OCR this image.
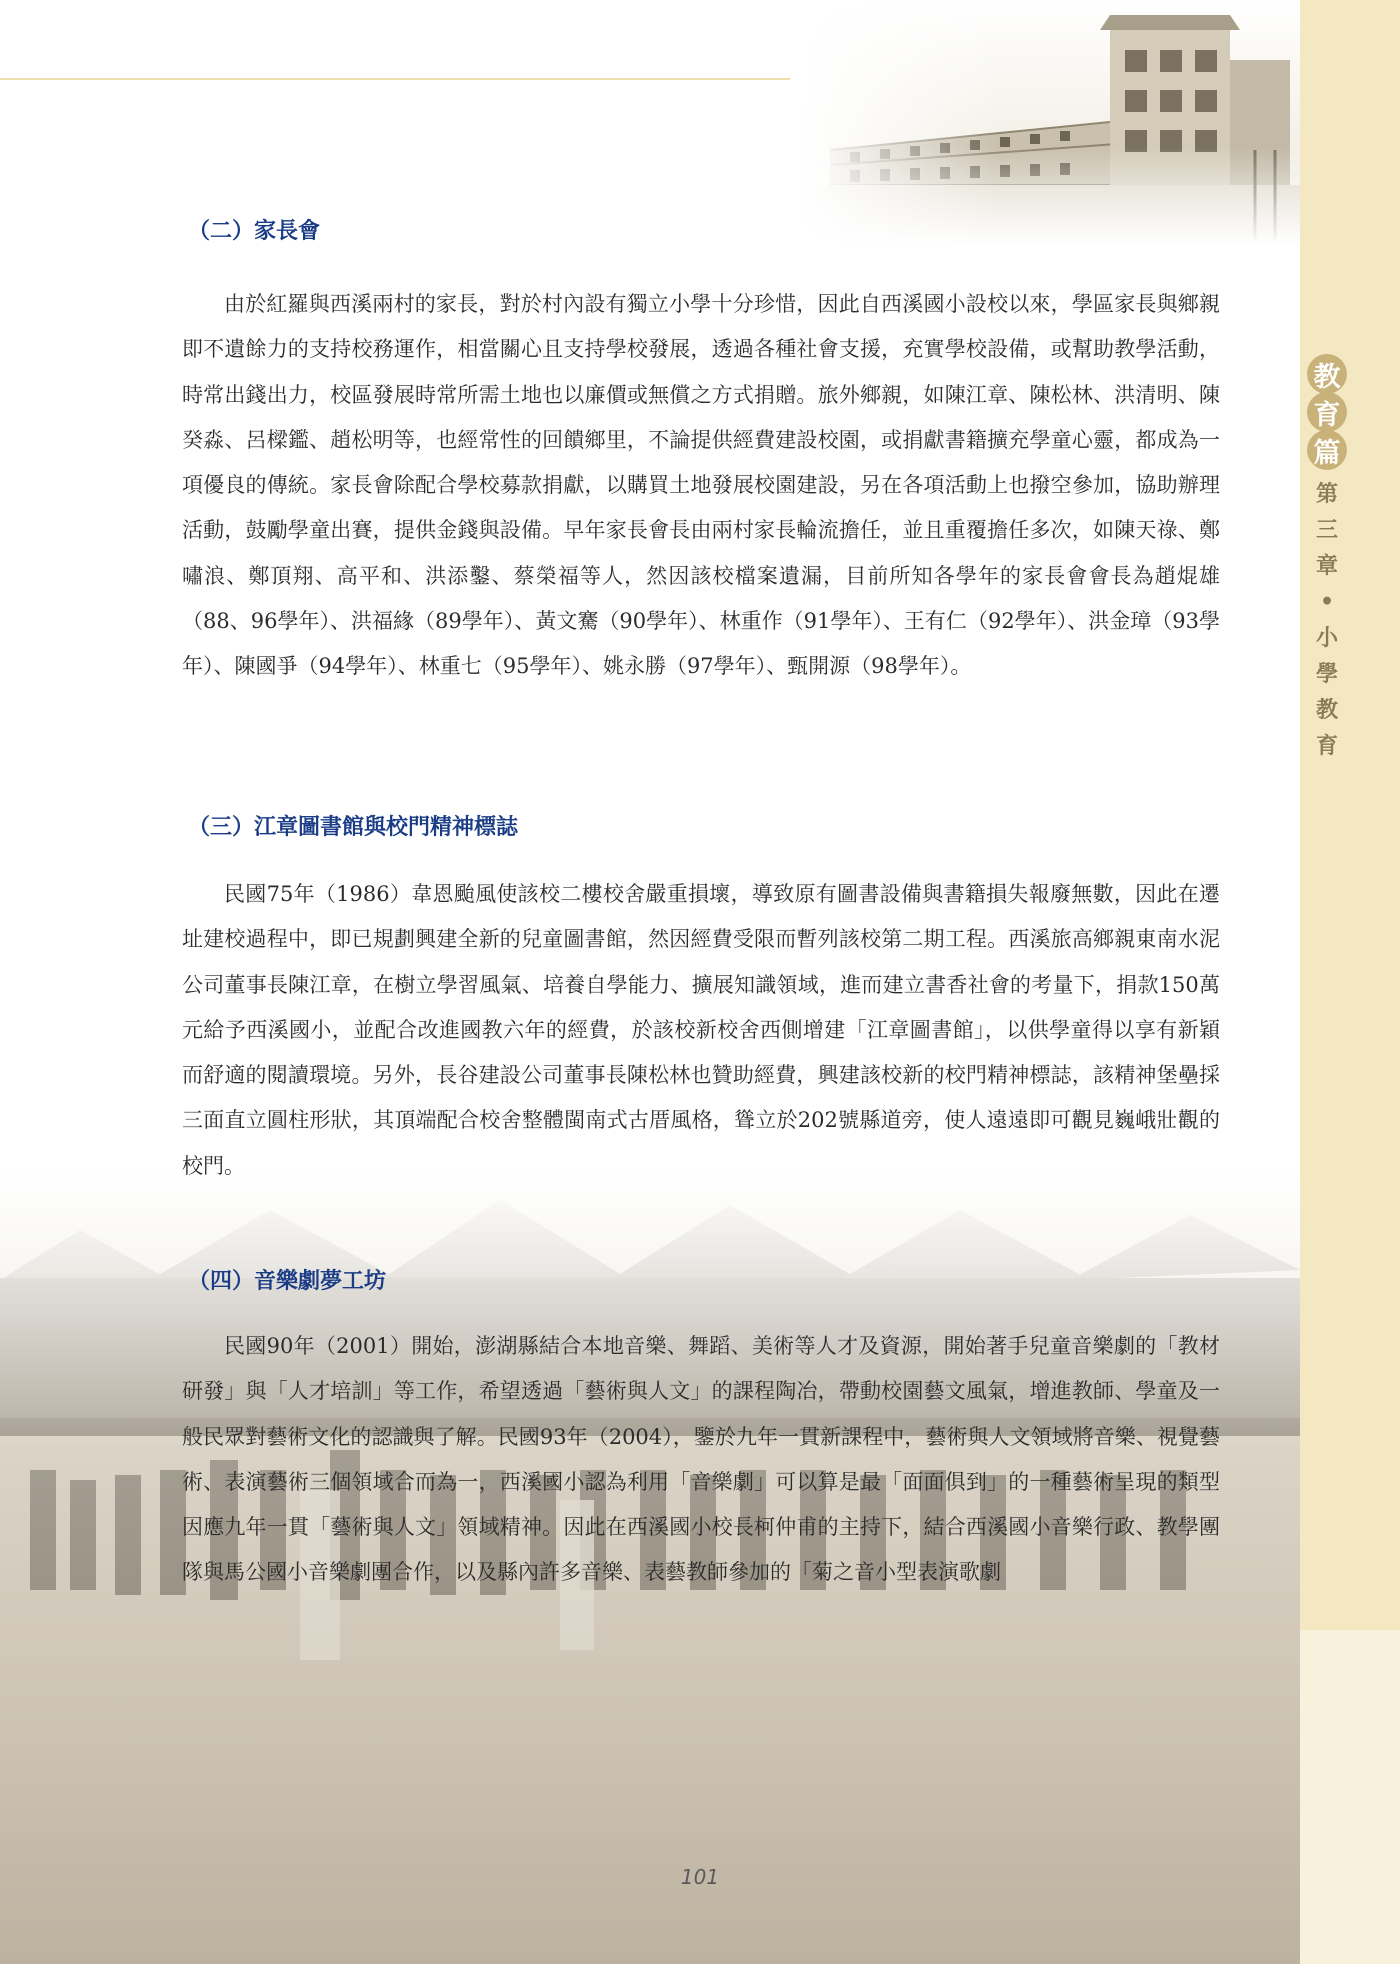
教
育
篇
第
三
章
•
小
學
教
育
（二）家長會

由於紅羅與西溪兩村的家長，對於村內設有獨立小學十分珍惜，因此自西溪國小設校以來，學區家長與鄉親即不遺餘力的支持校務運作，相當關心且支持學校發展，透過各種社會支援，充實學校設備，或幫助教學活動，時常出錢出力，校區發展時常所需土地也以廉價或無償之方式捐贈。旅外鄉親，如陳江章、陳松林、洪清明、陳癸淼、呂樑鑑、趙松明等，也經常性的回饋鄉里，不論提供經費建設校園，或捐獻書籍擴充學童心靈，都成為一項優良的傳統。家長會除配合學校募款捐獻，以購買土地發展校園建設，另在各項活動上也撥空參加，協助辦理活動，鼓勵學童出賽，提供金錢與設備。早年家長會長由兩村家長輪流擔任，並且重覆擔任多次，如陳天祿、鄭嘯浪、鄭頂翔、高平和、洪添鑿、蔡榮福等人，然因該校檔案遺漏，目前所知各學年的家長會會長為趙焜雄（88、96學年）、洪福緣（89學年）、黃文騫（90學年）、林重作（91學年）、王有仁（92學年）、洪金璋（93學年）、陳國爭（94學年）、林重七（95學年）、姚永勝（97學年）、甄開源（98學年）。

（三）江章圖書館與校門精神標誌

民國75年（1986）韋恩颱風使該校二樓校舍嚴重損壞，導致原有圖書設備與書籍損失報廢無數，因此在遷址建校過程中，即已規劃興建全新的兒童圖書館，然因經費受限而暫列該校第二期工程。西溪旅高鄉親東南水泥公司董事長陳江章，在樹立學習風氣、培養自學能力、擴展知識領域，進而建立書香社會的考量下，捐款150萬元給予西溪國小，並配合改進國教六年的經費，於該校新校舍西側增建「江章圖書館」，以供學童得以享有新穎而舒適的閱讀環境。另外，長谷建設公司董事長陳松林也贊助經費，興建該校新的校門精神標誌，該精神堡壘採三面直立圓柱形狀，其頂端配合校舍整體閩南式古厝風格，聳立於202號縣道旁，使人遠遠即可觀見巍峨壯觀的校門。

（四）音樂劇夢工坊

民國90年（2001）開始，澎湖縣結合本地音樂、舞蹈、美術等人才及資源，開始著手兒童音樂劇的「教材研發」與「人才培訓」等工作，希望透過「藝術與人文」的課程陶冶，帶動校園藝文風氣，增進教師、學童及一般民眾對藝術文化的認識與了解。民國93年（2004），鑒於九年一貫新課程中，藝術與人文領域將音樂、視覺藝術、表演藝術三個領域合而為一，西溪國小認為利用「音樂劇」可以算是最「面面俱到」的一種藝術呈現的類型因應九年一貫「藝術與人文」領域精神。因此在西溪國小校長柯仲甫的主持下，結合西溪國小音樂行政、教學團隊與馬公國小音樂劇團合作，以及縣內許多音樂、表藝教師參加的「菊之音小型表演歌劇

101
